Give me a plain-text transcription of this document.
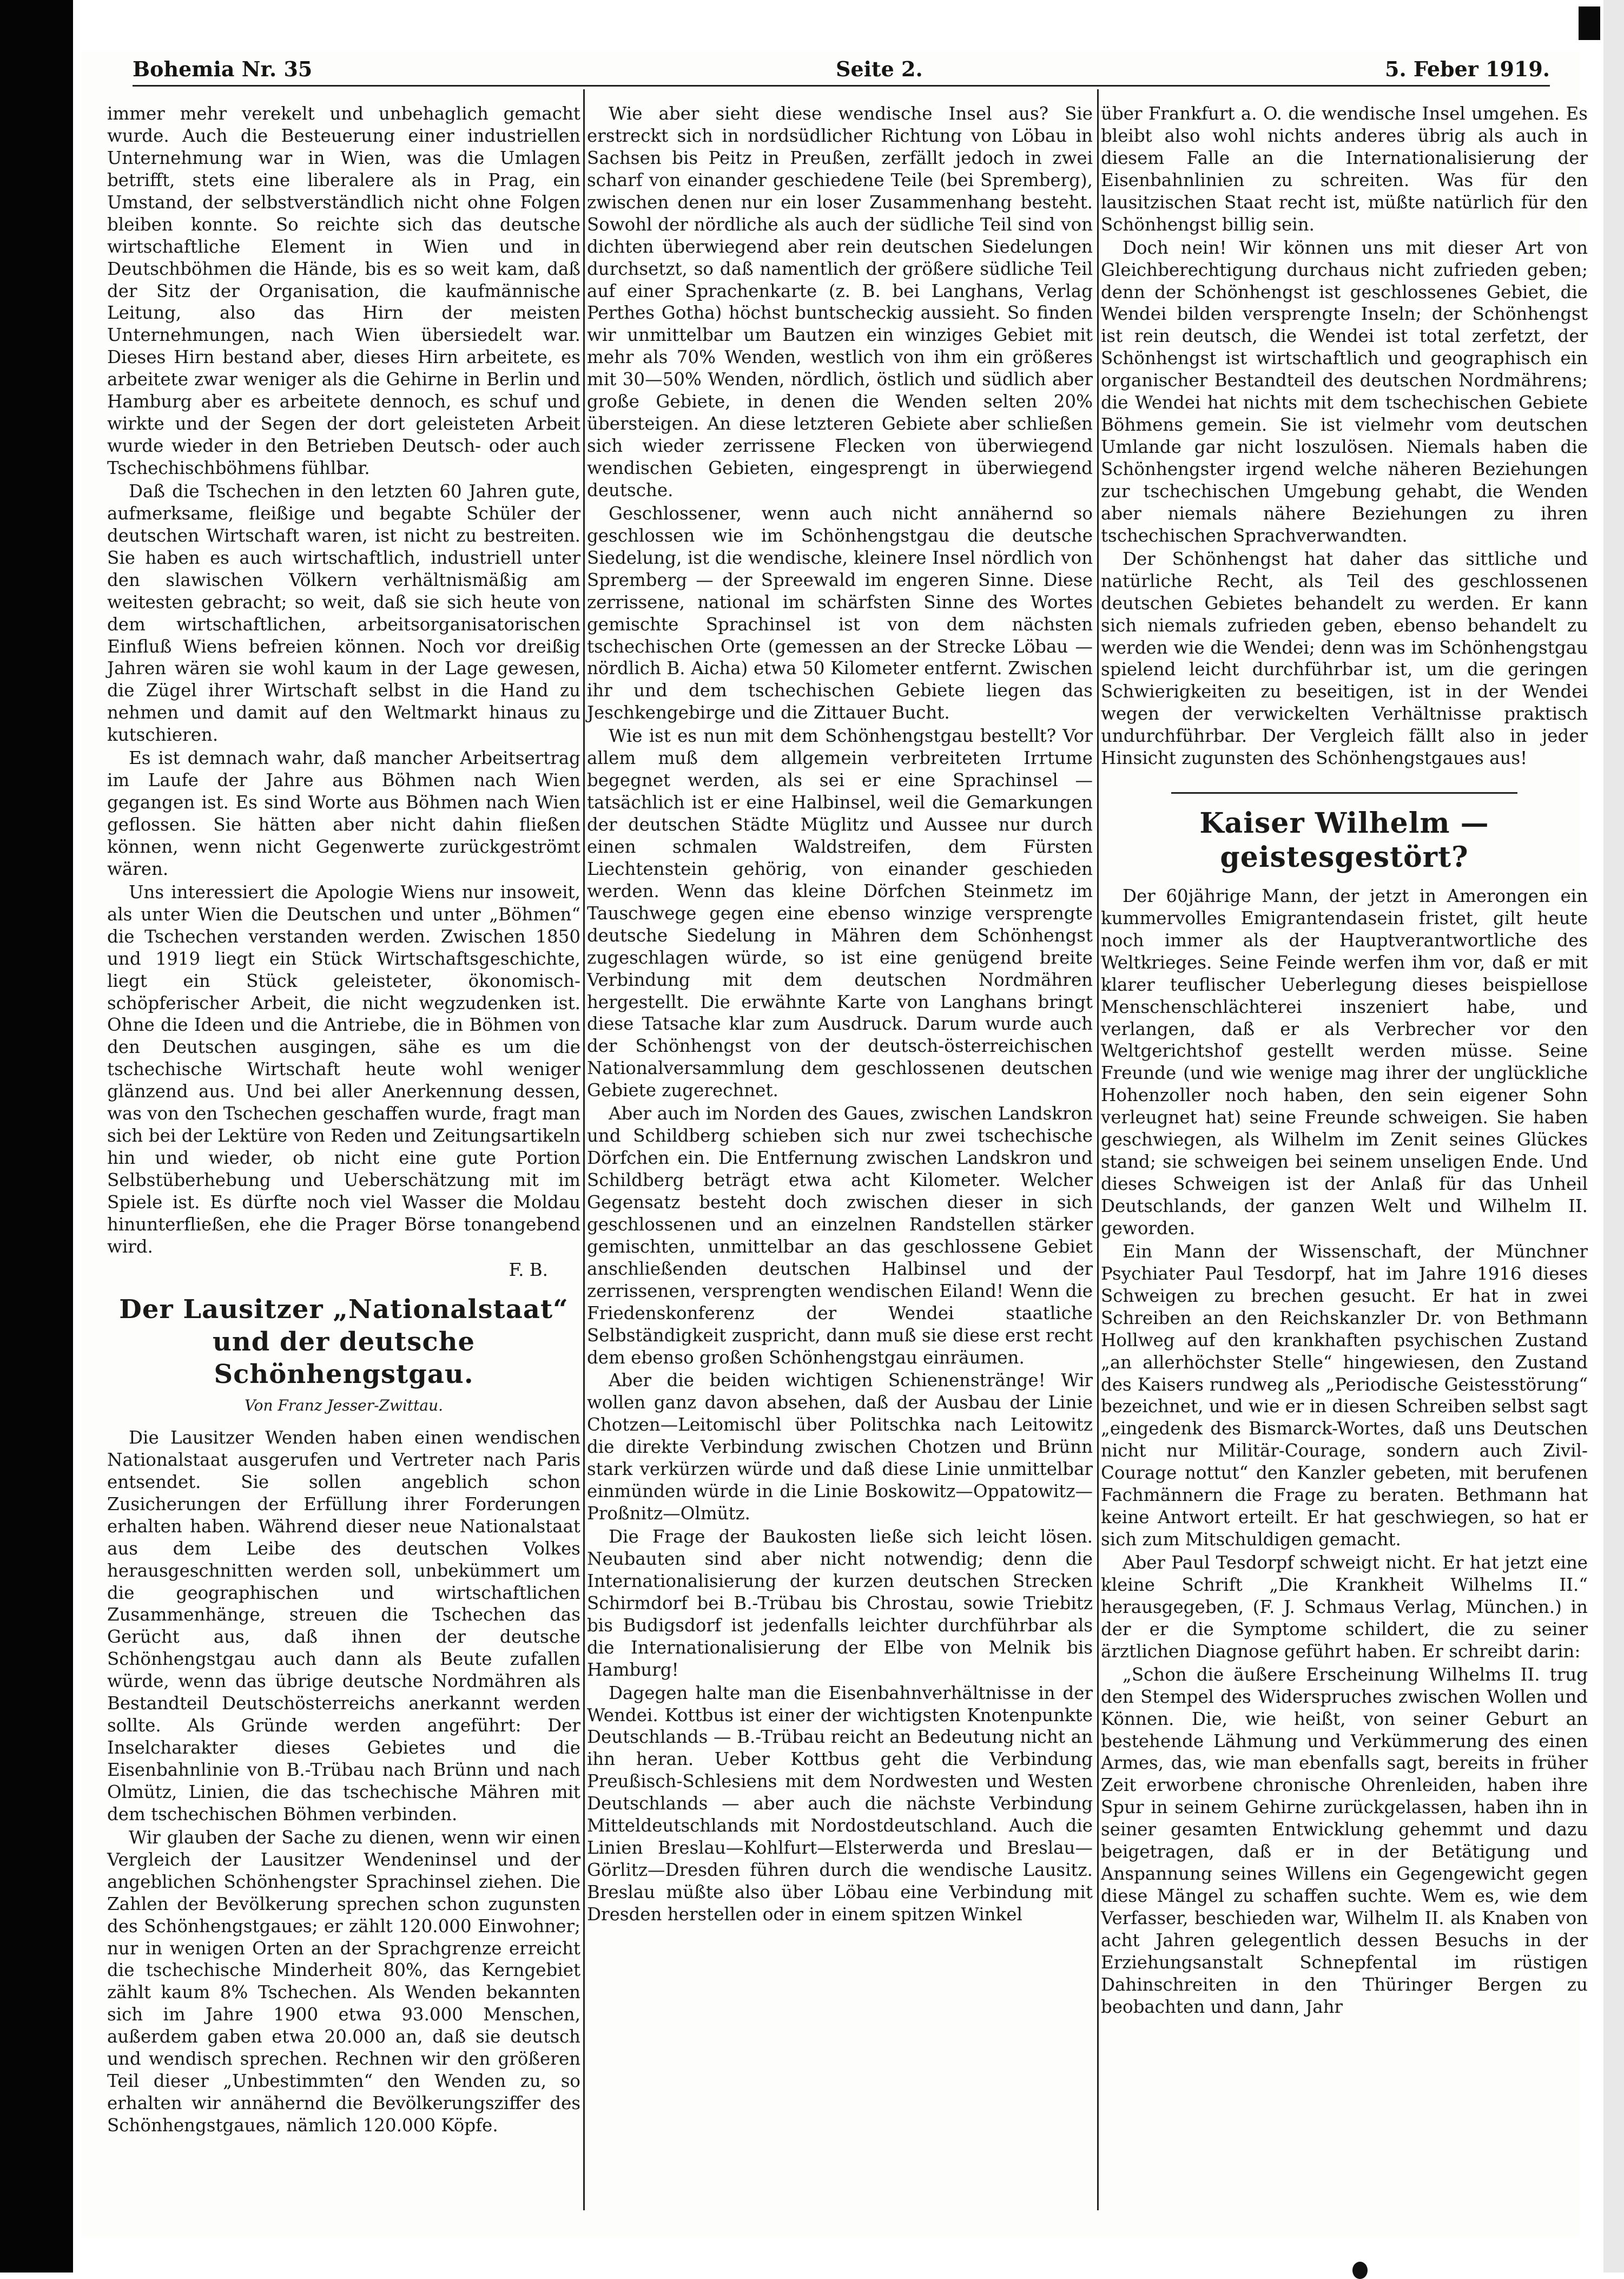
Bohemia Nr. 35	Seite 2.	5. Feber 1919.

immer mehr verekelt und unbehaglich gemacht wurde. Auch die Besteuerung einer industriellen Unternehmung war in Wien, was die Umlagen betrifft, stets eine liberalere als in Prag, ein Umstand, der selbstverständlich nicht ohne Folgen bleiben konnte. So reichte sich das deutsche wirtschaftliche Element in Wien und in Deutschböhmen die Hände, bis es so weit kam, daß der Sitz der Organisation, die kaufmännische Leitung, also das Hirn der meisten Unternehmungen, nach Wien übersiedelt war. Dieses Hirn bestand aber, dieses Hirn arbeitete, es arbeitete zwar weniger als die Gehirne in Berlin und Hamburg aber es arbeitete dennoch, es schuf und wirkte und der Segen der dort geleisteten Arbeit wurde wieder in den Betrieben Deutsch- oder auch Tschechischböhmens fühlbar.

Daß die Tschechen in den letzten 60 Jahren gute, aufmerksame, fleißige und begabte Schüler der deutschen Wirtschaft waren, ist nicht zu bestreiten. Sie haben es auch wirtschaftlich, industriell unter den slawischen Völkern verhältnismäßig am weitesten gebracht; so weit, daß sie sich heute von dem wirtschaftlichen, arbeitsorganisatorischen Einfluß Wiens befreien können. Noch vor dreißig Jahren wären sie wohl kaum in der Lage gewesen, die Zügel ihrer Wirtschaft selbst in die Hand zu nehmen und damit auf den Weltmarkt hinaus zu kutschieren.

Es ist demnach wahr, daß mancher Arbeitsertrag im Laufe der Jahre aus Böhmen nach Wien gegangen ist. Es sind Worte aus Böhmen nach Wien geflossen. Sie hätten aber nicht dahin fließen können, wenn nicht Gegenwerte zurückgeströmt wären.

Uns interessiert die Apologie Wiens nur insoweit, als unter Wien die Deutschen und unter „Böhmen“ die Tschechen verstanden werden. Zwischen 1850 und 1919 liegt ein Stück Wirtschaftsgeschichte, liegt ein Stück geleisteter, ökonomisch-schöpferischer Arbeit, die nicht wegzudenken ist. Ohne die Ideen und die Antriebe, die in Böhmen von den Deutschen ausgingen, sähe es um die tschechische Wirtschaft heute wohl weniger glänzend aus. Und bei aller Anerkennung dessen, was von den Tschechen geschaffen wurde, fragt man sich bei der Lektüre von Reden und Zeitungsartikeln hin und wieder, ob nicht eine gute Portion Selbstüberhebung und Ueberschätzung mit im Spiele ist. Es dürfte noch viel Wasser die Moldau hinunterfließen, ehe die Prager Börse tonangebend wird.

F. B.

Der Lausitzer „Nationalstaat“ und der deutsche Schönhengstgau.
Von Franz Jesser-Zwittau.

Die Lausitzer Wenden haben einen wendischen Nationalstaat ausgerufen und Vertreter nach Paris entsendet. Sie sollen angeblich schon Zusicherungen der Erfüllung ihrer Forderungen erhalten haben. Während dieser neue Nationalstaat aus dem Leibe des deutschen Volkes herausgeschnitten werden soll, unbekümmert um die geographischen und wirtschaftlichen Zusammenhänge, streuen die Tschechen das Gerücht aus, daß ihnen der deutsche Schönhengstgau auch dann als Beute zufallen würde, wenn das übrige deutsche Nordmähren als Bestandteil Deutschösterreichs anerkannt werden sollte. Als Gründe werden angeführt: Der Inselcharakter dieses Gebietes und die Eisenbahnlinie von B.-Trübau nach Brünn und nach Olmütz, Linien, die das tschechische Mähren mit dem tschechischen Böhmen verbinden.

Wir glauben der Sache zu dienen, wenn wir einen Vergleich der Lausitzer Wendeninsel und der angeblichen Schönhengster Sprachinsel ziehen. Die Zahlen der Bevölkerung sprechen schon zugunsten des Schönhengstgaues; er zählt 120.000 Einwohner; nur in wenigen Orten an der Sprachgrenze erreicht die tschechische Minderheit 80%, das Kerngebiet zählt kaum 8% Tschechen. Als Wenden bekannten sich im Jahre 1900 etwa 93.000 Menschen, außerdem gaben etwa 20.000 an, daß sie deutsch und wendisch sprechen. Rechnen wir den größeren Teil dieser „Unbestimmten“ den Wenden zu, so erhalten wir annähernd die Bevölkerungsziffer des Schönhengstgaues, nämlich 120.000 Köpfe.

Wie aber sieht diese wendische Insel aus? Sie erstreckt sich in nordsüdlicher Richtung von Löbau in Sachsen bis Peitz in Preußen, zerfällt jedoch in zwei scharf von einander geschiedene Teile (bei Spremberg), zwischen denen nur ein loser Zusammenhang besteht. Sowohl der nördliche als auch der südliche Teil sind von dichten überwiegend aber rein deutschen Siedelungen durchsetzt, so daß namentlich der größere südliche Teil auf einer Sprachenkarte (z. B. bei Langhans, Verlag Perthes Gotha) höchst buntscheckig aussieht. So finden wir unmittelbar um Bautzen ein winziges Gebiet mit mehr als 70% Wenden, westlich von ihm ein größeres mit 30—50% Wenden, nördlich, östlich und südlich aber große Gebiete, in denen die Wenden selten 20% übersteigen. An diese letzteren Gebiete aber schließen sich wieder zerrissene Flecken von überwiegend wendischen Gebieten, eingesprengt in überwiegend deutsche.

Geschlossener, wenn auch nicht annähernd so geschlossen wie im Schönhengstgau die deutsche Siedelung, ist die wendische, kleinere Insel nördlich von Spremberg — der Spreewald im engeren Sinne. Diese zerrissene, national im schärfsten Sinne des Wortes gemischte Sprachinsel ist von dem nächsten tschechischen Orte (gemessen an der Strecke Löbau — nördlich B. Aicha) etwa 50 Kilometer entfernt. Zwischen ihr und dem tschechischen Gebiete liegen das Jeschkengebirge und die Zittauer Bucht.

Wie ist es nun mit dem Schönhengstgau bestellt? Vor allem muß dem allgemein verbreiteten Irrtume begegnet werden, als sei er eine Sprachinsel — tatsächlich ist er eine Halbinsel, weil die Gemarkungen der deutschen Städte Müglitz und Aussee nur durch einen schmalen Waldstreifen, dem Fürsten Liechtenstein gehörig, von einander geschieden werden. Wenn das kleine Dörfchen Steinmetz im Tauschwege gegen eine ebenso winzige versprengte deutsche Siedelung in Mähren dem Schönhengst zugeschlagen würde, so ist eine genügend breite Verbindung mit dem deutschen Nordmähren hergestellt. Die erwähnte Karte von Langhans bringt diese Tatsache klar zum Ausdruck. Darum wurde auch der Schönhengst von der deutsch-österreichischen Nationalversammlung dem geschlossenen deutschen Gebiete zugerechnet.

Aber auch im Norden des Gaues, zwischen Landskron und Schildberg schieben sich nur zwei tschechische Dörfchen ein. Die Entfernung zwischen Landskron und Schildberg beträgt etwa acht Kilometer. Welcher Gegensatz besteht doch zwischen dieser in sich geschlossenen und an einzelnen Randstellen stärker gemischten, unmittelbar an das geschlossene Gebiet anschließenden deutschen Halbinsel und der zerrissenen, versprengten wendischen Eiland! Wenn die Friedenskonferenz der Wendei staatliche Selbständigkeit zuspricht, dann muß sie diese erst recht dem ebenso großen Schönhengstgau einräumen.

Aber die beiden wichtigen Schienenstränge! Wir wollen ganz davon absehen, daß der Ausbau der Linie Chotzen—Leitomischl über Politschka nach Leitowitz die direkte Verbindung zwischen Chotzen und Brünn stark verkürzen würde und daß diese Linie unmittelbar einmünden würde in die Linie Boskowitz—Oppatowitz—Proßnitz—Olmütz.

Die Frage der Baukosten ließe sich leicht lösen. Neubauten sind aber nicht notwendig; denn die Internationalisierung der kurzen deutschen Strecken Schirmdorf bei B.-Trübau bis Chrostau, sowie Triebitz bis Budigsdorf ist jedenfalls leichter durchführbar als die Internationalisierung der Elbe von Melnik bis Hamburg!

Dagegen halte man die Eisenbahnverhältnisse in der Wendei. Kottbus ist einer der wichtigsten Knotenpunkte Deutschlands — B.-Trübau reicht an Bedeutung nicht an ihn heran. Ueber Kottbus geht die Verbindung Preußisch-Schlesiens mit dem Nordwesten und Westen Deutschlands — aber auch die nächste Verbindung Mitteldeutschlands mit Nordostdeutschland. Auch die Linien Breslau—Kohlfurt—Elsterwerda und Breslau—Görlitz—Dresden führen durch die wendische Lausitz. Breslau müßte also über Löbau eine Verbindung mit Dresden herstellen oder in einem spitzen Winkel

über Frankfurt a. O. die wendische Insel umgehen. Es bleibt also wohl nichts anderes übrig als auch in diesem Falle an die Internationalisierung der Eisenbahnlinien zu schreiten. Was für den lausitzischen Staat recht ist, müßte natürlich für den Schönhengst billig sein.

Doch nein! Wir können uns mit dieser Art von Gleichberechtigung durchaus nicht zufrieden geben; denn der Schönhengst ist geschlossenes Gebiet, die Wendei bilden versprengte Inseln; der Schönhengst ist rein deutsch, die Wendei ist total zerfetzt, der Schönhengst ist wirtschaftlich und geographisch ein organischer Bestandteil des deutschen Nordmährens; die Wendei hat nichts mit dem tschechischen Gebiete Böhmens gemein. Sie ist vielmehr vom deutschen Umlande gar nicht loszulösen. Niemals haben die Schönhengster irgend welche näheren Beziehungen zur tschechischen Umgebung gehabt, die Wenden aber niemals nähere Beziehungen zu ihren tschechischen Sprachverwandten.

Der Schönhengst hat daher das sittliche und natürliche Recht, als Teil des geschlossenen deutschen Gebietes behandelt zu werden. Er kann sich niemals zufrieden geben, ebenso behandelt zu werden wie die Wendei; denn was im Schönhengstgau spielend leicht durchführbar ist, um die geringen Schwierigkeiten zu beseitigen, ist in der Wendei wegen der verwickelten Verhältnisse praktisch undurchführbar. Der Vergleich fällt also in jeder Hinsicht zugunsten des Schönhengstgaues aus!

Kaiser Wilhelm — geistesgestört?

Der 60jährige Mann, der jetzt in Amerongen ein kummervolles Emigrantendasein fristet, gilt heute noch immer als der Hauptverantwortliche des Weltkrieges. Seine Feinde werfen ihm vor, daß er mit klarer teuflischer Ueberlegung dieses beispiellose Menschenschlächterei inszeniert habe, und verlangen, daß er als Verbrecher vor den Weltgerichtshof gestellt werden müsse. Seine Freunde (und wie wenige mag ihrer der unglückliche Hohenzoller noch haben, den sein eigener Sohn verleugnet hat) seine Freunde schweigen. Sie haben geschwiegen, als Wilhelm im Zenit seines Glückes stand; sie schweigen bei seinem unseligen Ende. Und dieses Schweigen ist der Anlaß für das Unheil Deutschlands, der ganzen Welt und Wilhelm II. geworden.

Ein Mann der Wissenschaft, der Münchner Psychiater Paul Tesdorpf, hat im Jahre 1916 dieses Schweigen zu brechen gesucht. Er hat in zwei Schreiben an den Reichskanzler Dr. von Bethmann Hollweg auf den krankhaften psychischen Zustand „an allerhöchster Stelle“ hingewiesen, den Zustand des Kaisers rundweg als „Periodische Geistesstörung“ bezeichnet, und wie er in diesen Schreiben selbst sagt „eingedenk des Bismarck-Wortes, daß uns Deutschen nicht nur Militär-Courage, sondern auch Zivil-Courage nottut“ den Kanzler gebeten, mit berufenen Fachmännern die Frage zu beraten. Bethmann hat keine Antwort erteilt. Er hat geschwiegen, so hat er sich zum Mitschuldigen gemacht.

Aber Paul Tesdorpf schweigt nicht. Er hat jetzt eine kleine Schrift „Die Krankheit Wilhelms II.“ herausgegeben, (F. J. Schmaus Verlag, München.) in der er die Symptome schildert, die zu seiner ärztlichen Diagnose geführt haben. Er schreibt darin:

„Schon die äußere Erscheinung Wilhelms II. trug den Stempel des Widerspruches zwischen Wollen und Können. Die, wie heißt, von seiner Geburt an bestehende Lähmung und Verkümmerung des einen Armes, das, wie man ebenfalls sagt, bereits in früher Zeit erworbene chronische Ohrenleiden, haben ihre Spur in seinem Gehirne zurückgelassen, haben ihn in seiner gesamten Entwicklung gehemmt und dazu beigetragen, daß er in der Betätigung und Anspannung seines Willens ein Gegengewicht gegen diese Mängel zu schaffen suchte. Wem es, wie dem Verfasser, beschieden war, Wilhelm II. als Knaben von acht Jahren gelegentlich dessen Besuchs in der Erziehungsanstalt Schnepfental im rüstigen Dahinschreiten in den Thüringer Bergen zu beobachten und dann, Jahr
